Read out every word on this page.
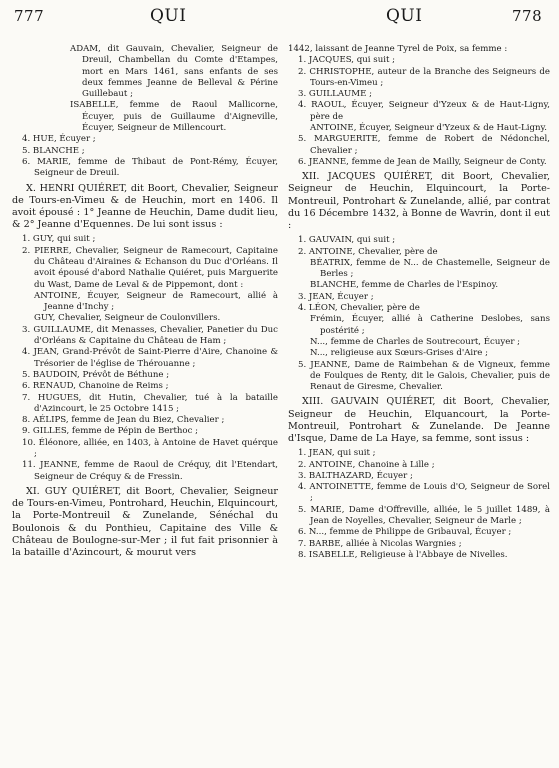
777	QUI	QUI	778

ADAM, dit Gauvain, Chevalier, Seigneur de Dreuil, Chambellan du Comte d'Etampes, mort en Mars 1461, sans enfants de ses deux femmes Jeanne de Belleval & Périne Guillebaut ;

ISABELLE, femme de Raoul Mallicorne, Écuyer, puis de Guillaume d'Aigneville, Écuyer, Seigneur de Millencourt.

4. HUE, Écuyer ;

5. BLANCHE ;

6. MARIE, femme de Thibaut de Pont-Rémy, Écuyer, Seigneur de Dreuil.

X. HENRI QUIÉRET, dit Boort, Chevalier, Seigneur de Tours-en-Vimeu & de Heuchin, mort en 1406. Il avoit épousé : 1° Jeanne de Heuchin, Dame dudit lieu, & 2° Jeanne d'Equennes. De lui sont issus :

1. GUY, qui suit ;

2. PIERRE, Chevalier, Seigneur de Ramecourt, Capitaine du Château d'Airaines & Echanson du Duc d'Orléans. Il avoit épousé d'abord Nathalie Quiéret, puis Marguerite du Wast, Dame de Leval & de Pippemont, dont :

ANTOINE, Écuyer, Seigneur de Ramecourt, allié à Jeanne d'Inchy ;

GUY, Chevalier, Seigneur de Coulonvillers.

3. GUILLAUME, dit Menasses, Chevalier, Panetier du Duc d'Orléans & Capitaine du Château de Ham ;

4. JEAN, Grand-Prévôt de Saint-Pierre d'Aire, Chanoine & Trésorier de l'église de Thérouanne ;

5. BAUDOIN, Prévôt de Béthune ;

6. RENAUD, Chanoine de Reims ;

7. HUGUES, dit Hutin, Chevalier, tué à la bataille d'Azincourt, le 25 Octobre 1415 ;

8. AÉLIPS, femme de Jean du Biez, Chevalier ;

9. GILLES, femme de Pépin de Berthoc ;

10. Éléonore, alliée, en 1403, à Antoine de Havet quérque ;

11. JEANNE, femme de Raoul de Créquy, dit l'Etendart, Seigneur de Créquy & de Fressin.

XI. GUY QUIÉRET, dit Boort, Chevalier, Seigneur de Tours-en-Vimeu, Pontrohard, Heuchin, Elquincourt, la Porte-Montreuil & Zunelande, Sénéchal du Boulonois & du Ponthieu, Capitaine des Ville & Château de Boulogne-sur-Mer ; il fut fait prisonnier à la bataille d'Azincourt, & mourut vers

1442, laissant de Jeanne Tyrel de Poix, sa femme :

1. JACQUES, qui suit ;

2. CHRISTOPHE, auteur de la Branche des Seigneurs de Tours-en-Vimeu ;

3. GUILLAUME ;

4. RAOUL, Écuyer, Seigneur d'Yzeux & de Haut-Ligny, père de

ANTOINE, Écuyer, Seigneur d'Yzeux & de Haut-Ligny.

5. MARGUERITE, femme de Robert de Nédonchel, Chevalier ;

6. JEANNE, femme de Jean de Mailly, Seigneur de Conty.

XII. JACQUES QUIÉRET, dit Boort, Chevalier, Seigneur de Heuchin, Elquincourt, la Porte-Montreuil, Pontrohart & Zunelande, allié, par contrat du 16 Décembre 1432, à Bonne de Wavrin, dont il eut :

1. GAUVAIN, qui suit ;

2. ANTOINE, Chevalier, père de

BÉATRIX, femme de N... de Chastemelle, Seigneur de Berles ;

BLANCHE, femme de Charles de l'Espinoy.

3. JEAN, Écuyer ;

4. LÉON, Chevalier, père de

Frémin, Écuyer, allié à Catherine Deslobes, sans postérité ;

N..., femme de Charles de Soutrecourt, Écuyer ;

N..., religieuse aux Sœurs-Grises d'Aire ;

5. JEANNE, Dame de Raimbehan & de Vigneux, femme de Foulques de Renty, dit le Galois, Chevalier, puis de Renaut de Giresme, Chevalier.

XIII. GAUVAIN QUIÉRET, dit Boort, Chevalier, Seigneur de Heuchin, Elquancourt, la Porte-Montreuil, Pontrohart & Zunelande. De Jeanne d'Isque, Dame de La Haye, sa femme, sont issus :

1. JEAN, qui suit ;

2. ANTOINE, Chanoine à Lille ;

3. BALTHAZARD, Écuyer ;

4. ANTOINETTE, femme de Louis d'O, Seigneur de Sorel ;

5. MARIE, Dame d'Offreville, alliée, le 5 juillet 1489, à Jean de Noyelles, Chevalier, Seigneur de Marle ;

6. N..., femme de Philippe de Gribauval, Écuyer ;

7. BARBE, alliée à Nicolas Wargnies ;

8. ISABELLE, Religieuse à l'Abbaye de Nivelles.
